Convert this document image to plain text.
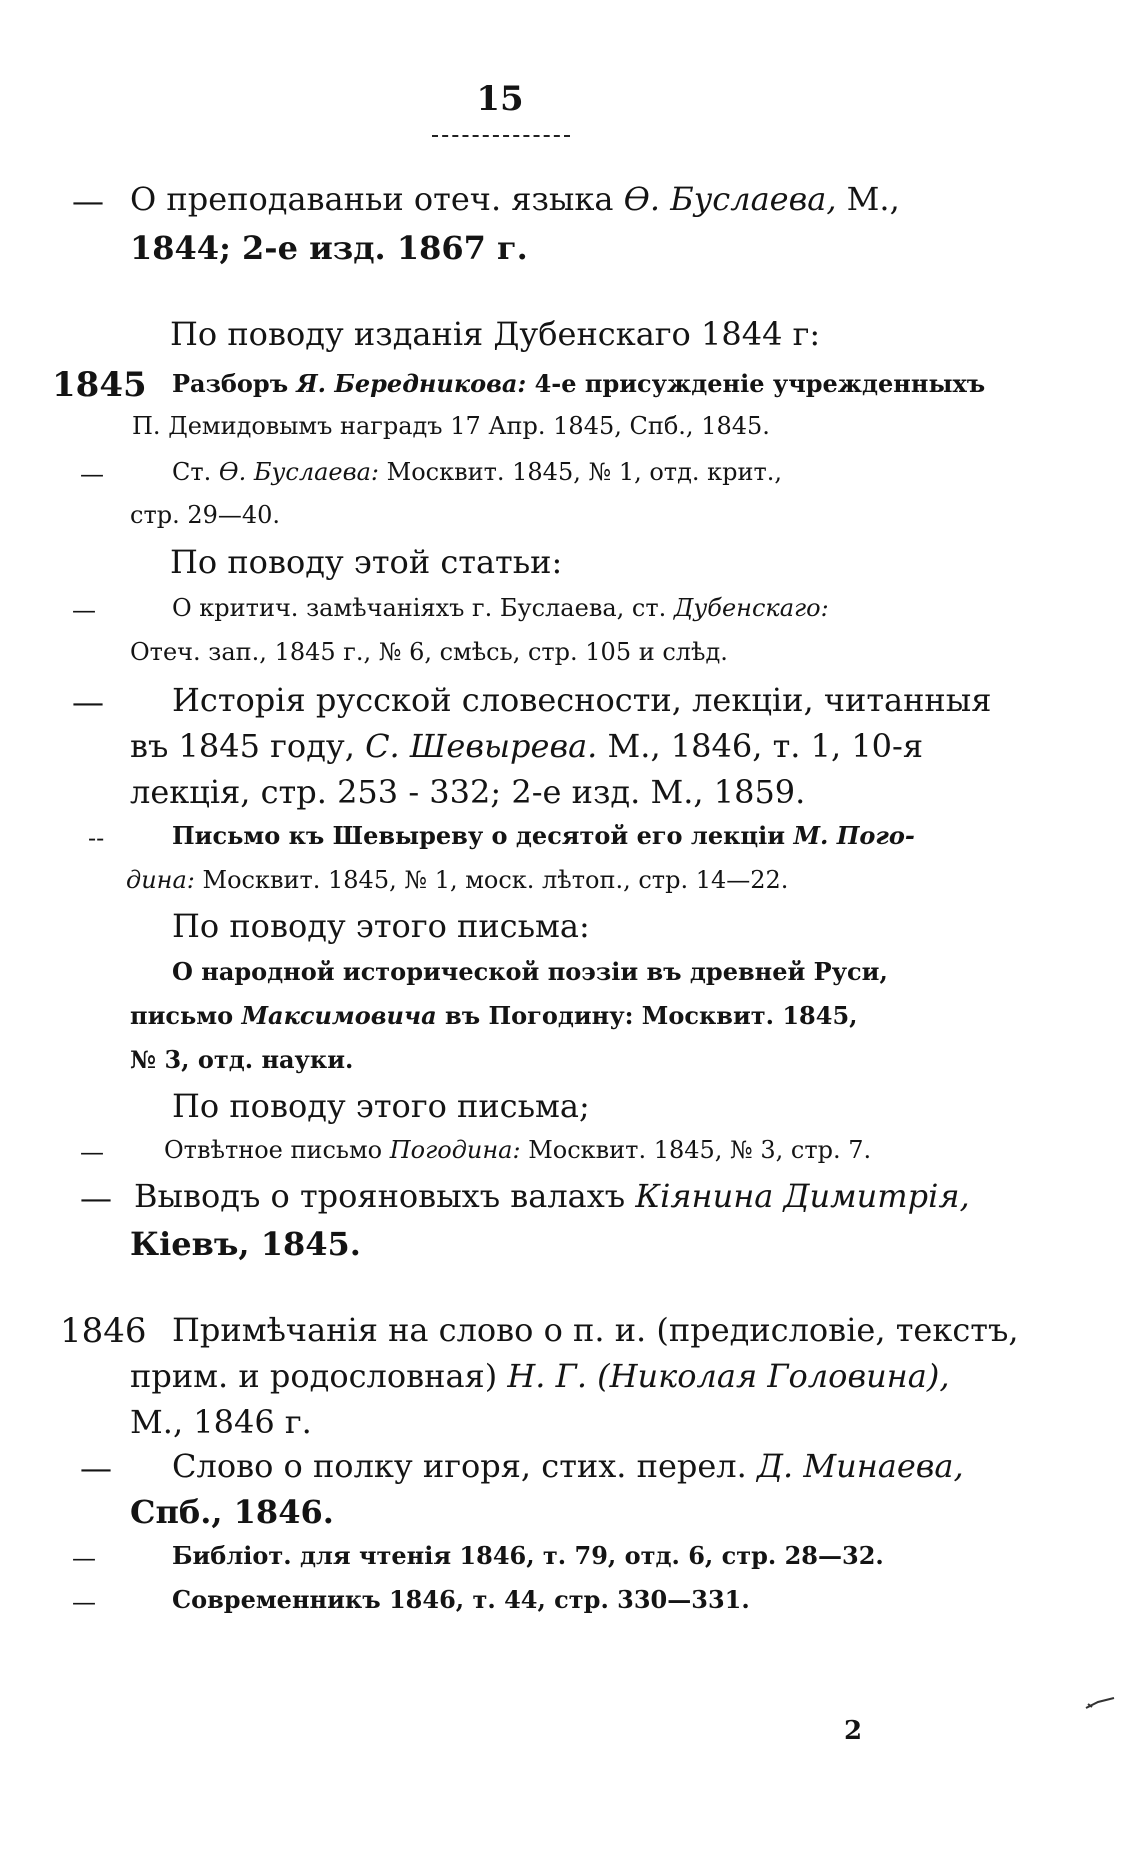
15
— О преподаваньи отеч. языка Ѳ. Буслаева, М.,
1844; 2-е изд. 1867 г.
По поводу изданія Дубенскаго 1844 г:
1845 Разборъ Я. Бередникова: 4-е присужденіе учрежденныхъ
П. Демидовымъ наградъ 17 Апр. 1845, Спб., 1845.
—	Ст. Ѳ. Буслаева: Москвит. 1845, № 1, отд. крит.,
стр. 29—40.
По поводу этой статьи:
—	О критич. замѣчаніяхъ г. Буслаева, ст. Дубенскаго:
Отеч. зап., 1845 г., № 6, смѣсь, стр. 105 и слѣд.
— Исторія русской словесности, лекціи, читанныя
въ 1845 году, С. Шевырева. М., 1846, т. 1, 10-я
лекція, стр. 253 - 332; 2-е изд. М., 1859.
--	Письмо къ Шевыреву о десятой его лекціи М. Пого-
дина: Москвит. 1845, № 1, моск. лѣтоп., стр. 14—22.
По поводу этого письма:
О народной исторической поэзіи въ древней Руси,
письмо Максимовича въ Погодину: Москвит. 1845,
№ 3, отд. науки.
По поводу этого письма;
—	Отвѣтное письмо Погодина: Москвит. 1845, № 3, стр. 7.
— Выводъ о трояновыхъ валахъ Кіянина Димитрія,
Кіевъ, 1845.
1846 Примѣчанія на слово о п. и. (предисловіе, текстъ,
прим. и родословная) Н. Г. (Николая Головина),
М., 1846 г.
— Слово о полку игоря, стих. перел. Д. Минаева,
Спб., 1846.
—	Библіот. для чтенія 1846, т. 79, отд. 6, стр. 28—32.
—	Современникъ 1846, т. 44, стр. 330—331.
2
